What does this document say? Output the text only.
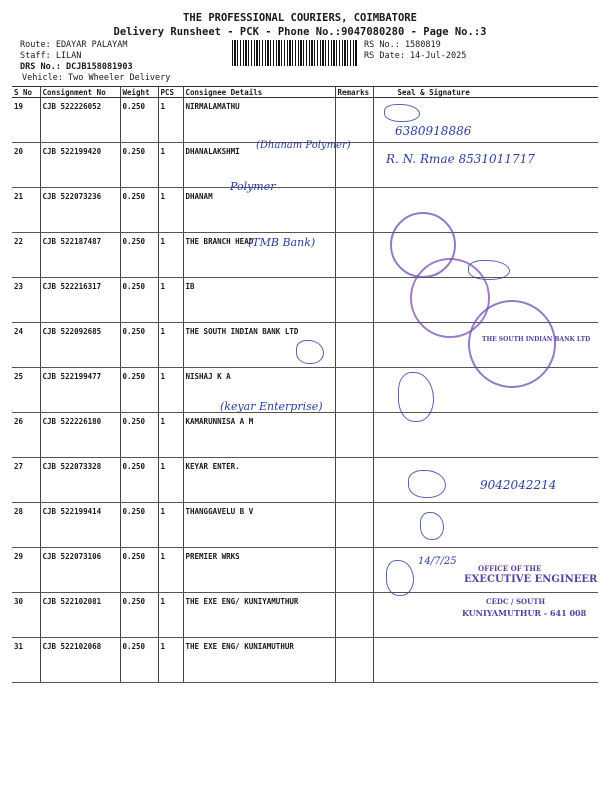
THE PROFESSIONAL COURIERS, COIMBATORE
Delivery Runsheet - PCK - Phone No.:9047080280 - Page No.:3
Route: EDAYAR PALAYAM
Staff: LILAN
DRS No.: DCJB158081903
Vehicle: Two Wheeler Delivery
RS No.: 1580819
RS Date: 14-Jul-2025
S No	Consignment No	Weight	PCS	Consignee Details	Remarks	Seal & Signature
19	CJB 522226052	0.250	1	NIRMALAMATHU		
20	CJB 522199420	0.250	1	DHANALAKSHMI		
21	CJB 522073236	0.250	1	DHANAM		
22	CJB 522187487	0.250	1	THE BRANCH HEAD		
23	CJB 522216317	0.250	1	IB		
24	CJB 522092685	0.250	1	THE SOUTH INDIAN BANK LTD		
25	CJB 522199477	0.250	1	NISHAJ K A		
26	CJB 522226180	0.250	1	KAMARUNNISA A M		
27	CJB 522073328	0.250	1	KEYAR ENTER.		
28	CJB 522199414	0.250	1	THANGGAVELU B V		
29	CJB 522073106	0.250	1	PREMIER WRKS		
30	CJB 522102081	0.250	1	THE EXE ENG/ KUNIYAMUTHUR		
31	CJB 522102068	0.250	1	THE EXE ENG/ KUNIAMUTHUR		
6380918886
(Dhanam Polymer)
R. N. Rmae 8531011717
Polymer
(TMB Bank)
(keyar Enterprise)
9042042214
14/7/25
THE SOUTH INDIAN BANK LTD
OFFICE OF THE
EXECUTIVE ENGINEER
CEDC / SOUTH
KUNIYAMUTHUR - 641 008
